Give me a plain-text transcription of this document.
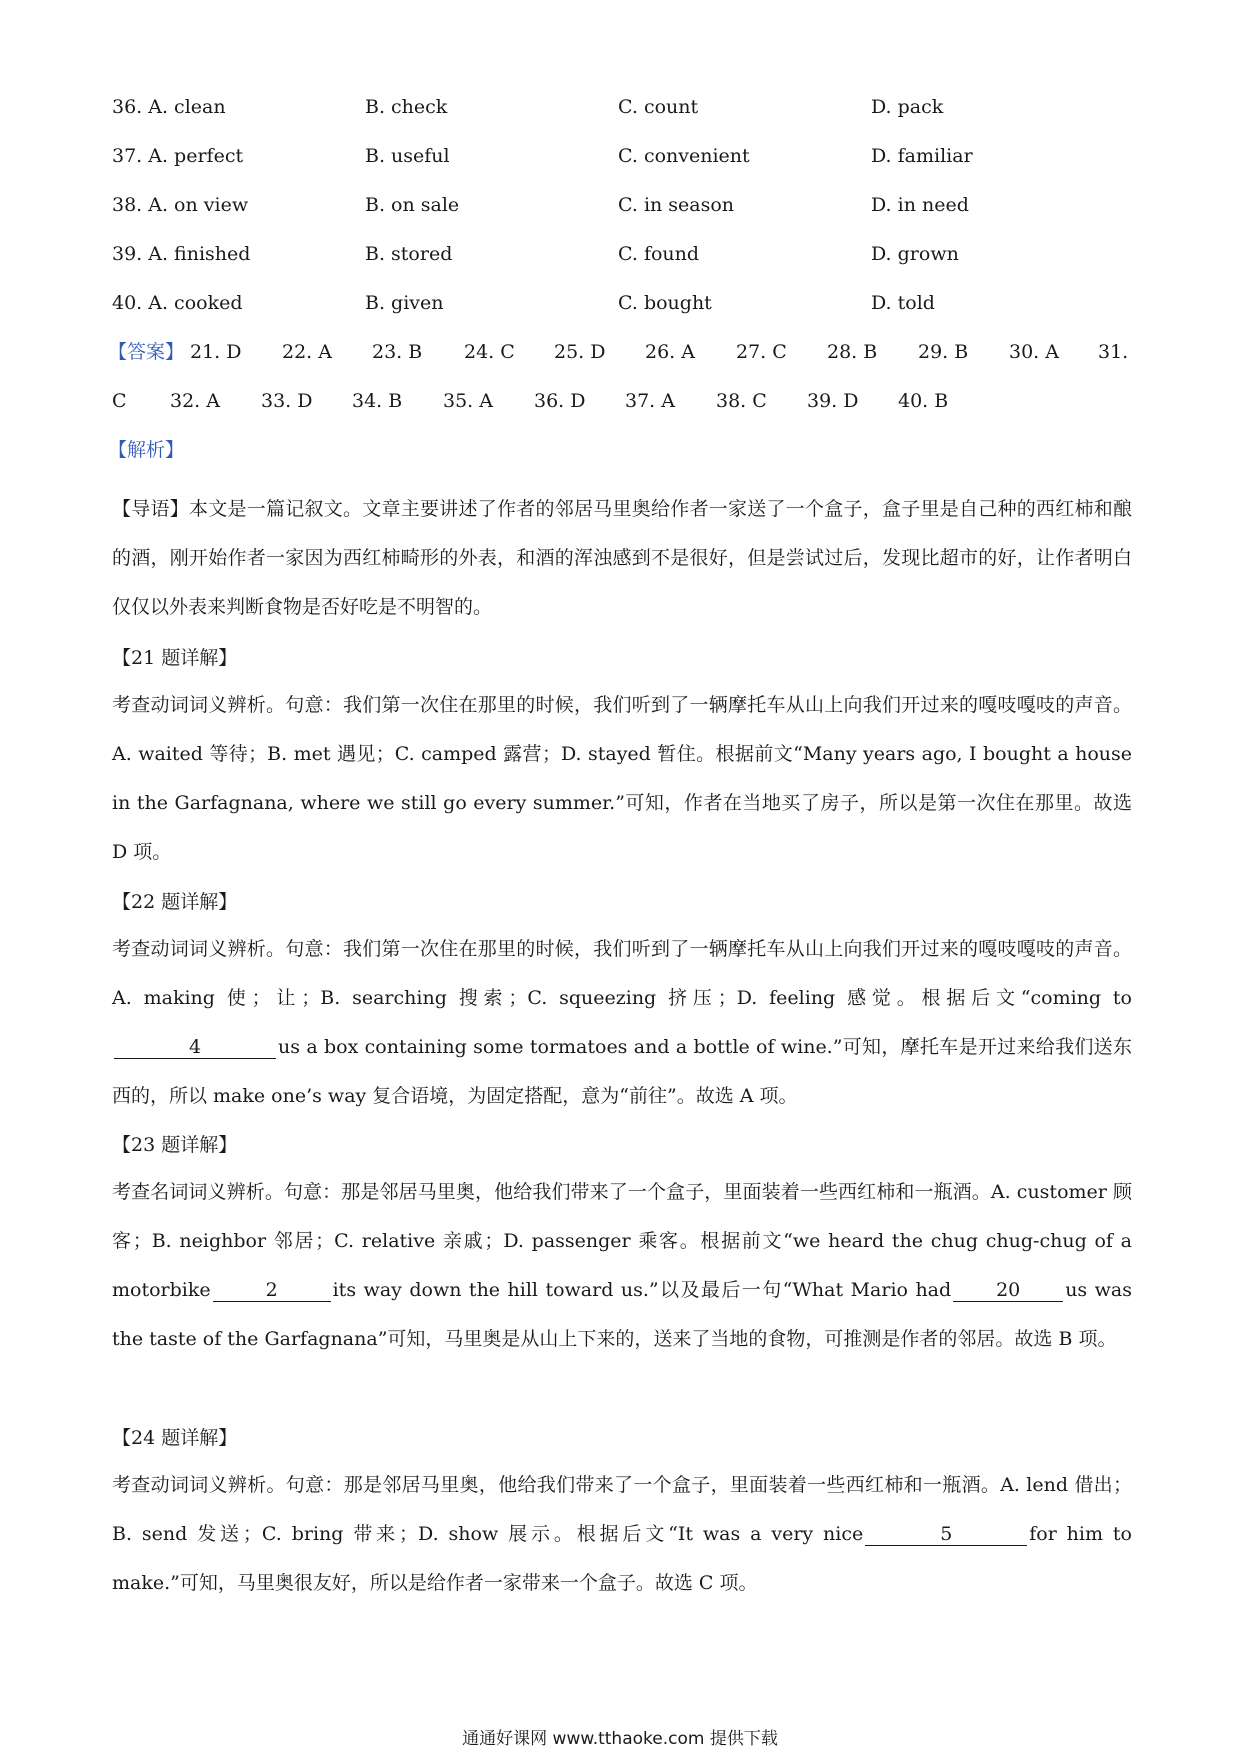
36. A. clean	B. check	C. count	D. pack
37. A. perfect	B. useful	C. convenient	D. familiar
38. A. on view	B. on sale	C. in season	D. in need
39. A. finished	B. stored	C. found	D. grown
40. A. cooked	B. given	C. bought	D. told
【答案】 21. D 22. A 23. B 24. C 25. D 26. A 27. C 28. B 29. B 30. A 31.
C 32. A 33. D 34. B 35. A 36. D 37. A 38. C 39. D 40. B
【解析】
【导语】本文是一篇记叙文。文章主要讲述了作者的邻居马里奥给作者一家送了一个盒子，盒子里是自己种的西红柿和酿的酒，刚开始作者一家因为西红柿畸形的外表，和酒的浑浊感到不是很好，但是尝试过后，发现比超市的好，让作者明白仅仅以外表来判断食物是否好吃是不明智的。
【21 题详解】
考查动词词义辨析。句意：我们第一次住在那里的时候，我们听到了一辆摩托车从山上向我们开过来的嘎吱嘎吱的声音。A. waited 等待；B. met 遇见；C. camped 露营；D. stayed 暂住。根据前文“Many years ago, I bought a house in the Garfagnana, where we still go every summer.”可知，作者在当地买了房子，所以是第一次住在那里。故选 D 项。
【22 题详解】
考查动词词义辨析。句意：我们第一次住在那里的时候，我们听到了一辆摩托车从山上向我们开过来的嘎吱嘎吱的声音。A. making 使；让；B. searching 搜索；C. squeezing 挤压；D. feeling 感觉。根据后文“coming to4	us a box containing some tormatoes and a bottle of wine.”可知，摩托车是开过来给我们送东西的，所以 make one’s way 复合语境，为固定搭配，意为“前往”。故选 A 项。
【23 题详解】
考查名词词义辨析。句意：那是邻居马里奥，他给我们带来了一个盒子，里面装着一些西红柿和一瓶酒。A. customer 顾客；B. neighbor 邻居；C. relative 亲戚；D. passenger 乘客。根据前文“we heard the chug chug-chug of a motorbike	2	its way down the hill toward us.”以及最后一句“What Mario had 20 us was the taste of the Garfagnana”可知，马里奥是从山上下来的，送来了当地的食物，可推测是作者的邻居。故选 B 项。
【24 题详解】
考查动词词义辨析。句意：那是邻居马里奥，他给我们带来了一个盒子，里面装着一些西红柿和一瓶酒。A. lend 借出；B. send 发送；C. bring 带来；D. show 展示。根据后文“It was a very nice	5	for him to make.”可知，马里奥很友好，所以是给作者一家带来一个盒子。故选 C 项。
通通好课网 www.tthaoke.com 提供下载
